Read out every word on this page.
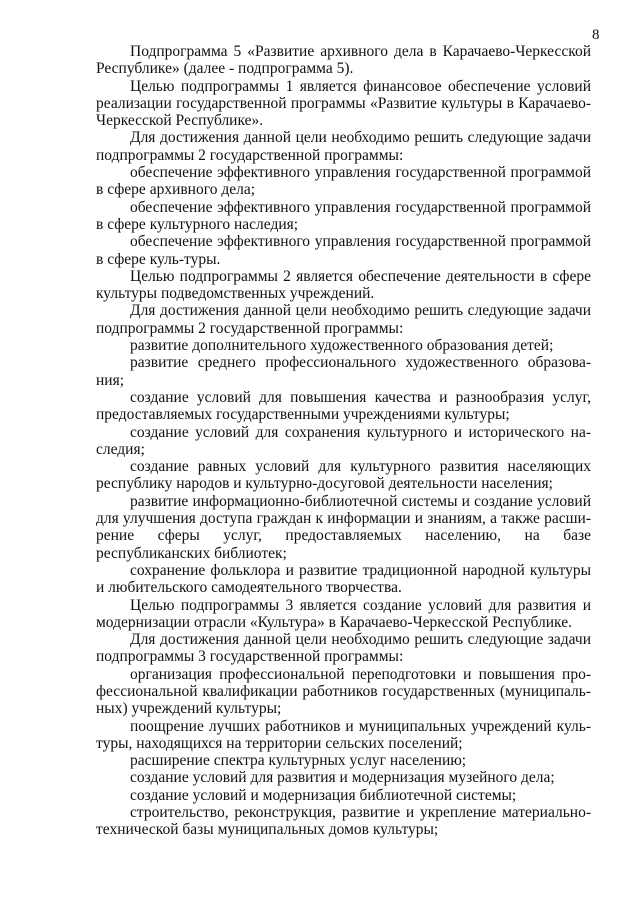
8

Подпрограмма 5 «Развитие архивного дела в Карачаево-Черкесской Республике» (далее - подпрограмма 5).

Целью подпрограммы 1 является финансовое обеспечение условий реализации государственной программы «Развитие культуры в Карачаево-Черкесской Республике».

Для достижения данной цели необходимо решить следующие задачи подпрограммы 2 государственной программы:

обеспечение эффективного управления государственной программой в сфере архивного дела;

обеспечение эффективного управления государственной программой в сфере культурного наследия;

обеспечение эффективного управления государственной программой в сфере куль-туры.

Целью подпрограммы 2 является обеспечение деятельности в сфере культуры подведомственных учреждений.

Для достижения данной цели необходимо решить следующие задачи подпрограммы 2 государственной программы:

развитие дополнительного художественного образования детей;

развитие среднего профессионального художественного образова-ния;

создание условий для повышения качества и разнообразия услуг, предоставляемых государственными учреждениями культуры;

создание условий для сохранения культурного и исторического на-следия;

создание равных условий для культурного развития населяющих республику народов и культурно-досуговой деятельности населения;

развитие информационно-библиотечной системы и создание условий для улучшения доступа граждан к информации и знаниям, а также расши-рение сферы услуг, предоставляемых населению, на базе республиканских библиотек;

сохранение фольклора и развитие традиционной народной культуры и любительского самодеятельного творчества.

Целью подпрограммы 3 является создание условий для развития и модернизации отрасли «Культура» в Карачаево-Черкесской Республике.

Для достижения данной цели необходимо решить следующие задачи подпрограммы 3 государственной программы:

организация профессиональной переподготовки и повышения про-фессиональной квалификации работников государственных (муниципаль-ных) учреждений культуры;

поощрение лучших работников и муниципальных учреждений куль-туры, находящихся на территории сельских поселений;

расширение спектра культурных услуг населению;

создание условий для развития и модернизация музейного дела;

создание условий и модернизация библиотечной системы;

строительство, реконструкция, развитие и укрепление материально-технической базы муниципальных домов культуры;
